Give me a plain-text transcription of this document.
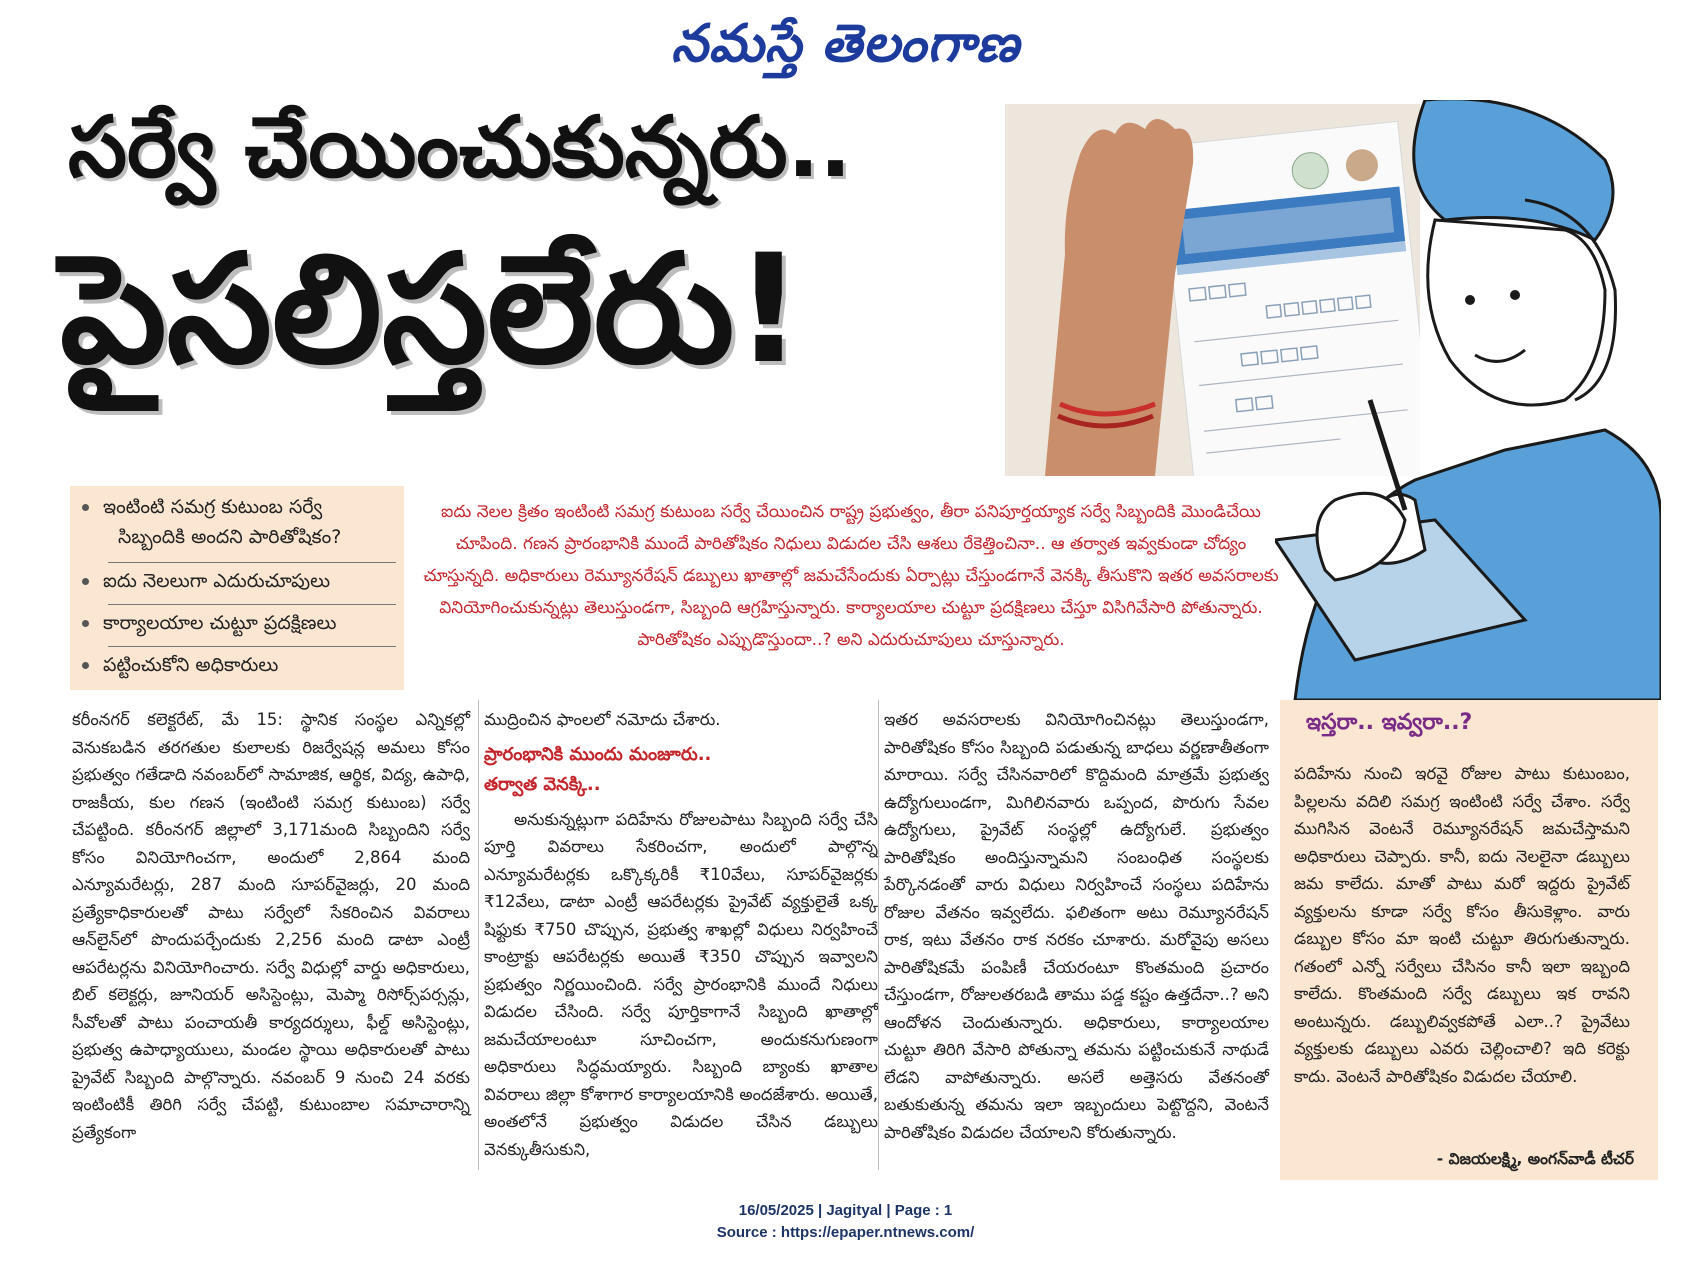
నమస్తే తెలంగాణ
సర్వే చేయించుకున్నరు..
పైసలిస్తలేరు!
ఇంటింటి సమగ్ర కుటుంబ సర్వే
సిబ్బందికి అందని పారితోషికం?
ఐదు నెలలుగా ఎదురుచూపులు
కార్యాలయాల చుట్టూ ప్రదక్షిణలు
పట్టించుకోని అధికారులు
ఐదు నెలల క్రితం ఇంటింటి సమగ్ర కుటుంబ సర్వే చేయించిన రాష్ట్ర ప్రభుత్వం, తీరా పనిపూర్తయ్యాక సర్వే సిబ్బందికి మొండిచేయి చూపింది. గణన ప్రారంభానికి ముందే పారితోషికం నిధులు విడుదల చేసి ఆశలు రేకెత్తించినా.. ఆ తర్వాత ఇవ్వకుండా చోద్యం చూస్తున్నది. అధికారులు రెమ్యూనరేషన్ డబ్బులు ఖాతాల్లో జమచేసేందుకు ఏర్పాట్లు చేస్తుండగానే వెనక్కి తీసుకొని ఇతర అవసరాలకు వినియోగించుకున్నట్లు తెలుస్తుండగా, సిబ్బంది ఆగ్రహిస్తున్నారు. కార్యాలయాల చుట్టూ ప్రదక్షిణలు చేస్తూ విసిగివేసారి పోతున్నారు. పారితోషికం ఎప్పుడొస్తుందా..? అని ఎదురుచూపులు చూస్తున్నారు.

కరీంనగర్ కలెక్టరేట్, మే 15: స్థానిక సంస్థల ఎన్నికల్లో వెనుకబడిన తరగతుల కులాలకు రిజర్వేషన్ల అమలు కోసం ప్రభుత్వం గతేడాది నవంబర్‌లో సామాజిక, ఆర్థిక, విద్య, ఉపాధి, రాజకీయ, కుల గణన (ఇంటింటి సమగ్ర కుటుంబ) సర్వే చేపట్టింది. కరీంనగర్ జిల్లాలో 3,171మంది సిబ్బందిని సర్వే కోసం వినియోగించగా, అందులో 2,864 మంది ఎన్యూమరేటర్లు, 287 మంది సూపర్‌వైజర్లు, 20 మంది ప్రత్యేకాధికారులతో పాటు సర్వేలో సేకరించిన వివరాలు ఆన్‌లైన్‌లో పొందుపర్చేందుకు 2,256 మంది డాటా ఎంట్రీ ఆపరేటర్లను వినియోగించారు. సర్వే విధుల్లో వార్డు అధికారులు, బిల్ కలెక్టర్లు, జూనియర్ అసిస్టెంట్లు, మెప్మా రిసోర్స్‌పర్సన్లు, సీవోలతో పాటు పంచాయతీ కార్యదర్శులు, ఫీల్డ్ అసిస్టెంట్లు, ప్రభుత్వ ఉపాధ్యాయులు, మండల స్థాయి అధికారులతో పాటు ప్రైవేట్ సిబ్బంది పాల్గొన్నారు. నవంబర్ 9 నుంచి 24 వరకు ఇంటింటికీ తిరిగి సర్వే చేపట్టి, కుటుంబాల సమాచారాన్ని ప్రత్యేకంగా

ముద్రించిన ఫాంలలో నమోదు చేశారు.

ప్రారంభానికి ముందు మంజూరు..
తర్వాత వెనక్కి..

అనుకున్నట్లుగా పదిహేను రోజులపాటు సిబ్బంది సర్వే చేసి పూర్తి వివరాలు సేకరించగా, అందులో పాల్గొన్న ఎన్యూమరేటర్లకు ఒక్కొక్కరికీ ₹10వేలు, సూపర్‌వైజర్లకు ₹12వేలు, డాటా ఎంట్రీ ఆపరేటర్లకు ప్రైవేట్ వ్యక్తులైతే ఒక్క షిఫ్టుకు ₹750 చొప్పున, ప్రభుత్వ శాఖల్లో విధులు నిర్వహించే కాంట్రాక్టు ఆపరేటర్లకు అయితే ₹350 చొప్పున ఇవ్వాలని ప్రభుత్వం నిర్ణయించింది. సర్వే ప్రారంభానికి ముందే నిధులు విడుదల చేసింది. సర్వే పూర్తికాగానే సిబ్బంది ఖాతాల్లో జమచేయాలంటూ సూచించగా, అందుకనుగుణంగా అధికారులు సిద్ధమయ్యారు. సిబ్బంది బ్యాంకు ఖాతాల వివరాలు జిల్లా కోశాగార కార్యాలయానికి అందజేశారు. అయితే, అంతలోనే ప్రభుత్వం విడుదల చేసిన డబ్బులు వెనక్కుతీసుకుని,

ఇతర అవసరాలకు వినియోగించినట్లు తెలుస్తుండగా, పారితోషికం కోసం సిబ్బంది పడుతున్న బాధలు వర్ణణాతీతంగా మారాయి. సర్వే చేసినవారిలో కొద్దిమంది మాత్రమే ప్రభుత్వ ఉద్యోగులుండగా, మిగిలినవారు ఒప్పంద, పొరుగు సేవల ఉద్యోగులు, ప్రైవేట్ సంస్థల్లో ఉద్యోగులే. ప్రభుత్వం పారితోషికం అందిస్తున్నామని సంబంధిత సంస్థలకు పేర్కొనడంతో వారు విధులు నిర్వహించే సంస్థలు పదిహేను రోజుల వేతనం ఇవ్వలేదు. ఫలితంగా అటు రెమ్యూనరేషన్ రాక, ఇటు వేతనం రాక నరకం చూశారు. మరోవైపు అసలు పారితోషికమే పంపిణీ చేయరంటూ కొంతమంది ప్రచారం చేస్తుండగా, రోజులతరబడి తాము పడ్డ కష్టం ఉత్తదేనా..? అని ఆందోళన చెందుతున్నారు. అధికారులు, కార్యాలయాల చుట్టూ తిరిగి వేసారి పోతున్నా తమను పట్టించుకునే నాథుడే లేడని వాపోతున్నారు. అసలే అత్తెసరు వేతనంతో బతుకుతున్న తమను ఇలా ఇబ్బందులు పెట్టొద్దని, వెంటనే పారితోషికం విడుదల చేయాలని కోరుతున్నారు.

ఇస్తరా.. ఇవ్వరా..?
పదిహేను నుంచి ఇరవై రోజుల పాటు కుటుంబం, పిల్లలను వదిలి సమగ్ర ఇంటింటి సర్వే చేశాం. సర్వే ముగిసిన వెంటనే రెమ్యూనరేషన్ జమచేస్తామని అధికారులు చెప్పారు. కానీ, ఐదు నెలలైనా డబ్బులు జమ కాలేదు. మాతో పాటు మరో ఇద్దరు ప్రైవేట్ వ్యక్తులను కూడా సర్వే కోసం తీసుకెళ్లాం. వారు డబ్బుల కోసం మా ఇంటి చుట్టూ తిరుగుతున్నారు. గతంలో ఎన్నో సర్వేలు చేసినం కానీ ఇలా ఇబ్బంది కాలేదు. కొంతమంది సర్వే డబ్బులు ఇక రావని అంటున్నరు. డబ్బులివ్వకపోతే ఎలా..? ప్రైవేటు వ్యక్తులకు డబ్బులు ఎవరు చెల్లించాలి? ఇది కరెక్టు కాదు. వెంటనే పారితోషికం విడుదల చేయాలి.
- విజయలక్ష్మి, అంగన్‌వాడీ టీచర్
16/05/2025 | Jagityal | Page : 1
Source : https://epaper.ntnews.com/
